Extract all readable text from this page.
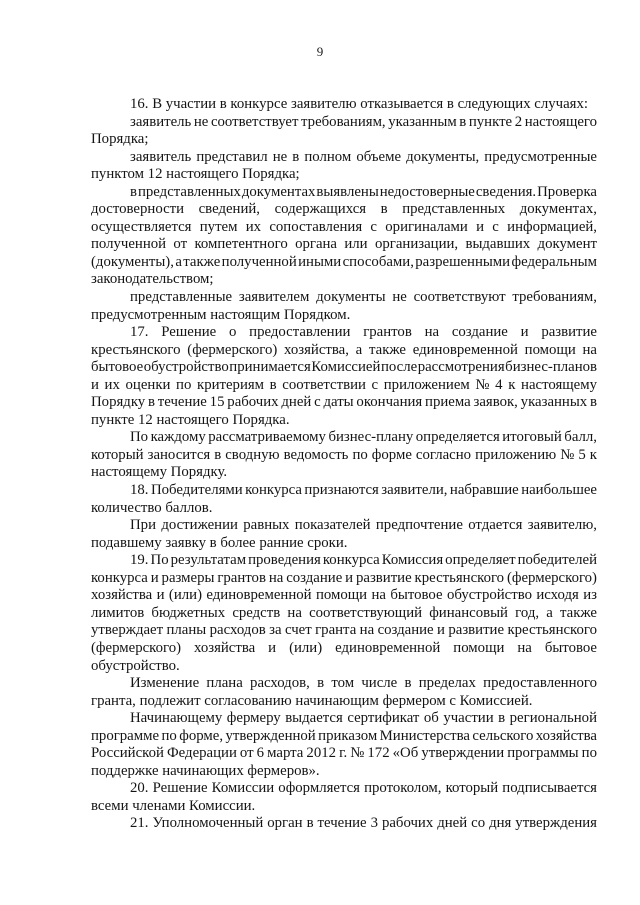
9
16. В участии в конкурсе заявителю отказывается в следующих случаях:
заявитель не соответствует требованиям, указанным в пункте 2 настоящего
Порядка;
заявитель представил не в полном объеме документы, предусмотренные
пунктом 12 настоящего Порядка;
в представленных документах выявлены недостоверные сведения. Проверка
достоверности сведений, содержащихся в представленных документах,
осуществляется путем их сопоставления с оригиналами и с информацией,
полученной от компетентного органа или организации, выдавших документ
(документы), а также полученной иными способами, разрешенными федеральным
законодательством;
представленные заявителем документы не соответствуют требованиям,
предусмотренным настоящим Порядком.
17. Решение о предоставлении грантов на создание и развитие
крестьянского (фермерского) хозяйства, а также единовременной помощи на
бытовое обустройство принимается Комиссией после рассмотрения бизнес-планов
и их оценки по критериям в соответствии с приложением № 4 к настоящему
Порядку в течение 15 рабочих дней с даты окончания приема заявок, указанных в
пункте 12 настоящего Порядка.
По каждому рассматриваемому бизнес-плану определяется итоговый балл,
который заносится в сводную ведомость по форме согласно приложению № 5 к
настоящему Порядку.
18. Победителями конкурса признаются заявители, набравшие наибольшее
количество баллов.
При достижении равных показателей предпочтение отдается заявителю,
подавшему заявку в более ранние сроки.
19. По результатам проведения конкурса Комиссия определяет победителей
конкурса и размеры грантов на создание и развитие крестьянского (фермерского)
хозяйства и (или) единовременной помощи на бытовое обустройство исходя из
лимитов бюджетных средств на соответствующий финансовый год, а также
утверждает планы расходов за счет гранта на создание и развитие крестьянского
(фермерского) хозяйства и (или) единовременной помощи на бытовое
обустройство.
Изменение плана расходов, в том числе в пределах предоставленного
гранта, подлежит согласованию начинающим фермером с Комиссией.
Начинающему фермеру выдается сертификат об участии в региональной
программе по форме, утвержденной приказом Министерства сельского хозяйства
Российской Федерации от 6 марта 2012 г. № 172 «Об утверждении программы по
поддержке начинающих фермеров».
20. Решение Комиссии оформляется протоколом, который подписывается
всеми членами Комиссии.
21. Уполномоченный орган в течение 3 рабочих дней со дня утверждения
